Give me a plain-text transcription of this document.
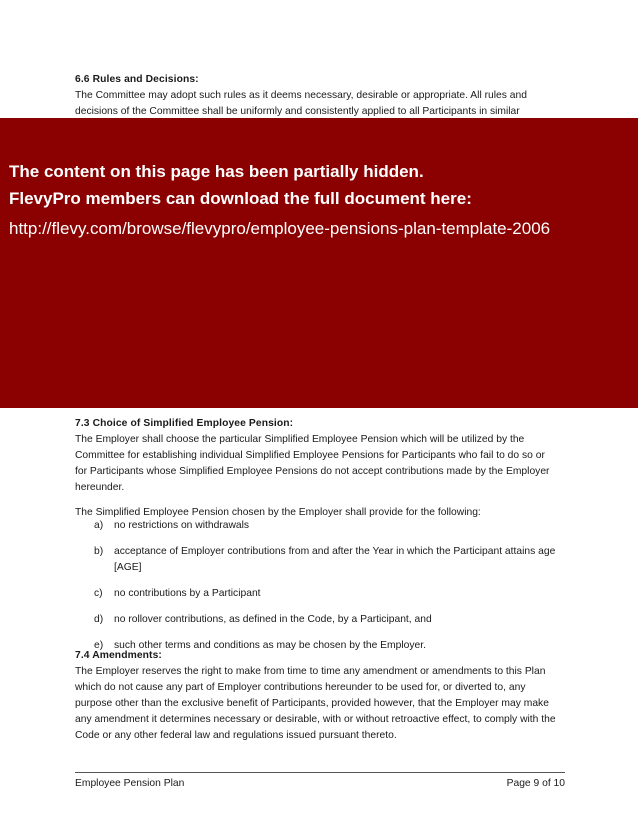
6.6 Rules and Decisions:

The Committee may adopt such rules as it deems necessary, desirable or appropriate. All rules and

decisions of the Committee shall be uniformly and consistently applied to all Participants in similar

The content on this page has been partially hidden.
FlevyPro members can download the full document here:
http://flevy.com/browse/flevypro/employee-pensions-plan-template-2006
7.3 Choice of Simplified Employee Pension:

The Employer shall choose the particular Simplified Employee Pension which will be utilized by the

Committee for establishing individual Simplified Employee Pensions for Participants who fail to do so or

for Participants whose Simplified Employee Pensions do not accept contributions made by the Employer

hereunder.

The Simplified Employee Pension chosen by the Employer shall provide for the following:

a)	no restrictions on withdrawals
b)	acceptance of Employer contributions from and after the Year in which the Participant attains age [AGE]
c)	no contributions by a Participant
d)	no rollover contributions, as defined in the Code, by a Participant, and
e)	such other terms and conditions as may be chosen by the Employer.
7.4 Amendments:

The Employer reserves the right to make from time to time any amendment or amendments to this Plan

which do not cause any part of Employer contributions hereunder to be used for, or diverted to, any

purpose other than the exclusive benefit of Participants, provided however, that the Employer may make

any amendment it determines necessary or desirable, with or without retroactive effect, to comply with the

Code or any other federal law and regulations issued pursuant thereto.

Employee Pension Plan	Page 9 of 10
